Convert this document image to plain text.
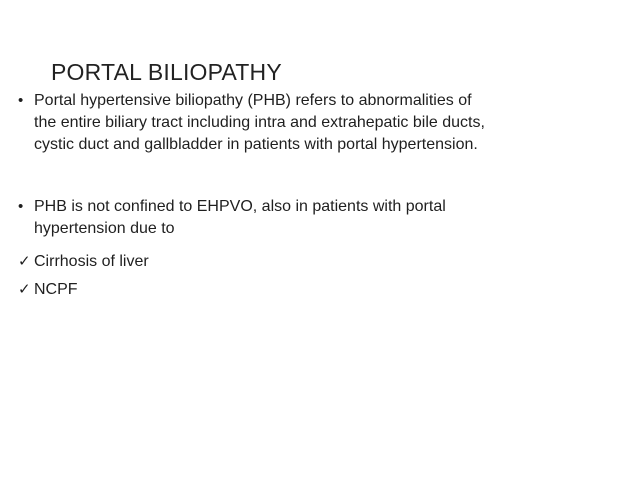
PORTAL BILIOPATHY
• Portal hypertensive biliopathy (PHB) refers to abnormalities of
the entire biliary tract including intra and extrahepatic bile ducts,
cystic duct and gallbladder in patients with portal hypertension.
• PHB is not confined to EHPVO, also in patients with portal
hypertension due to
✓ Cirrhosis of liver
✓ NCPF
